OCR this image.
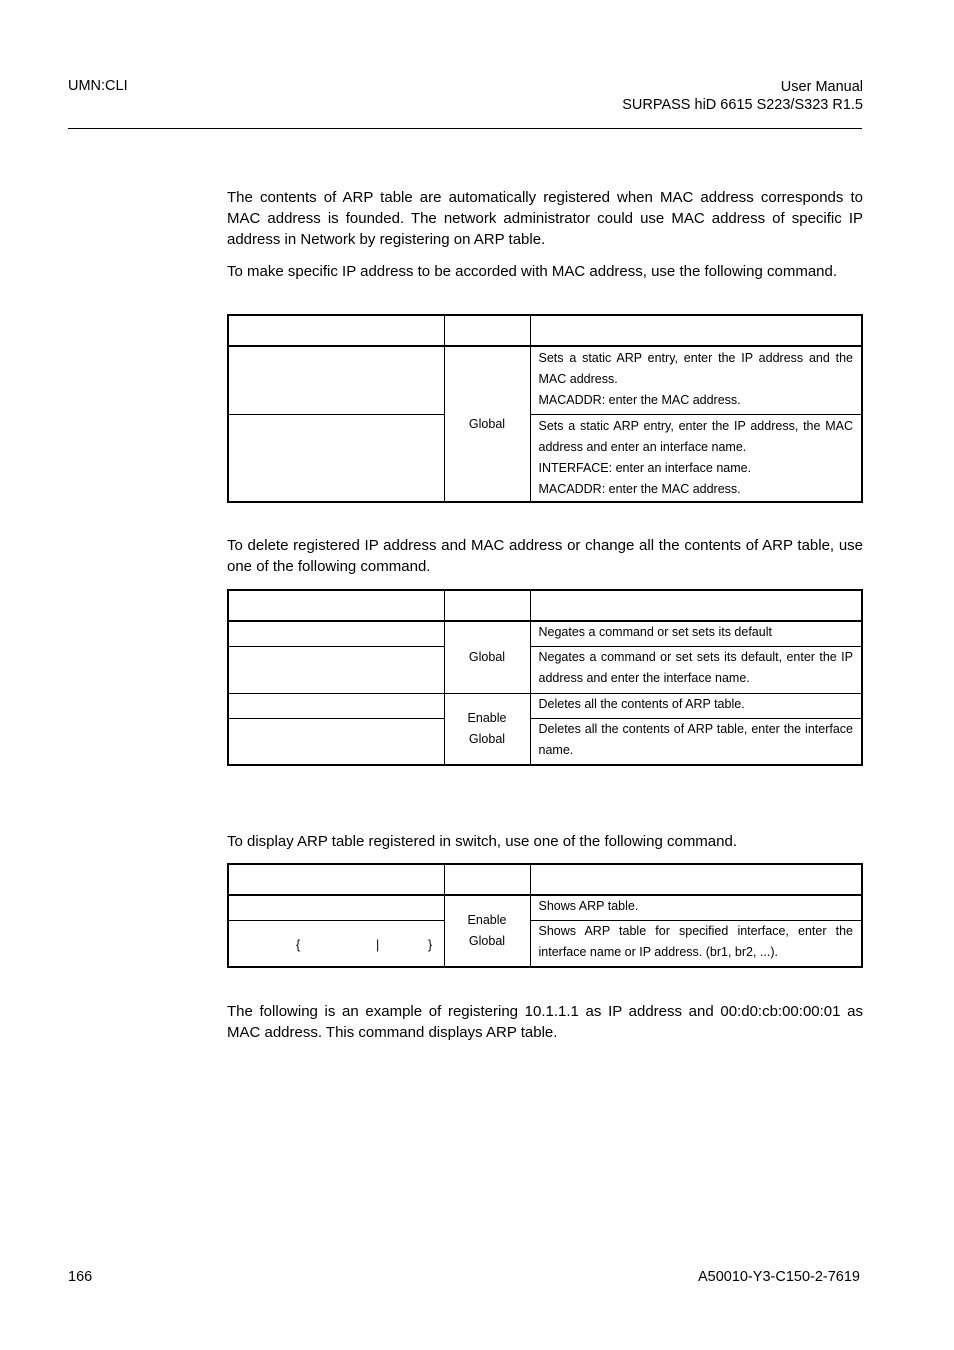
UMN:CLI	User Manual
SURPASS hiD 6615 S223/S323 R1.5

The contents of ARP table are automatically registered when MAC address corresponds to MAC address is founded. The network administrator could use MAC address of specific IP address in Network by registering on ARP table.

To make specific IP address to be accorded with MAC address, use the following command.

	Global	Sets a static ARP entry, enter the IP address and the MAC address.
MACADDR: enter the MAC address.

		Sets a static ARP entry, enter the IP address, the MAC address and enter an interface name.
INTERFACE: enter an interface name.
MACADDR: enter the MAC address.

To delete registered IP address and MAC address or change all the contents of ARP table, use one of the following command.

	Global	Negates a command or set sets its default
		Negates a command or set sets its default, enter the IP address and enter the interface name.

	Enable
Global	Deletes all the contents of ARP table.
		Deletes all the contents of ARP table, enter the interface name.

To display ARP table registered in switch, use one of the following command.

	Enable
Global	Shows ARP table.

{ | }		Shows ARP table for specified interface, enter the interface name or IP address. (br1, br2, ...).

The following is an example of registering 10.1.1.1 as IP address and 00:d0:cb:00:00:01 as MAC address. This command displays ARP table.

166	A50010-Y3-C150-2-7619
